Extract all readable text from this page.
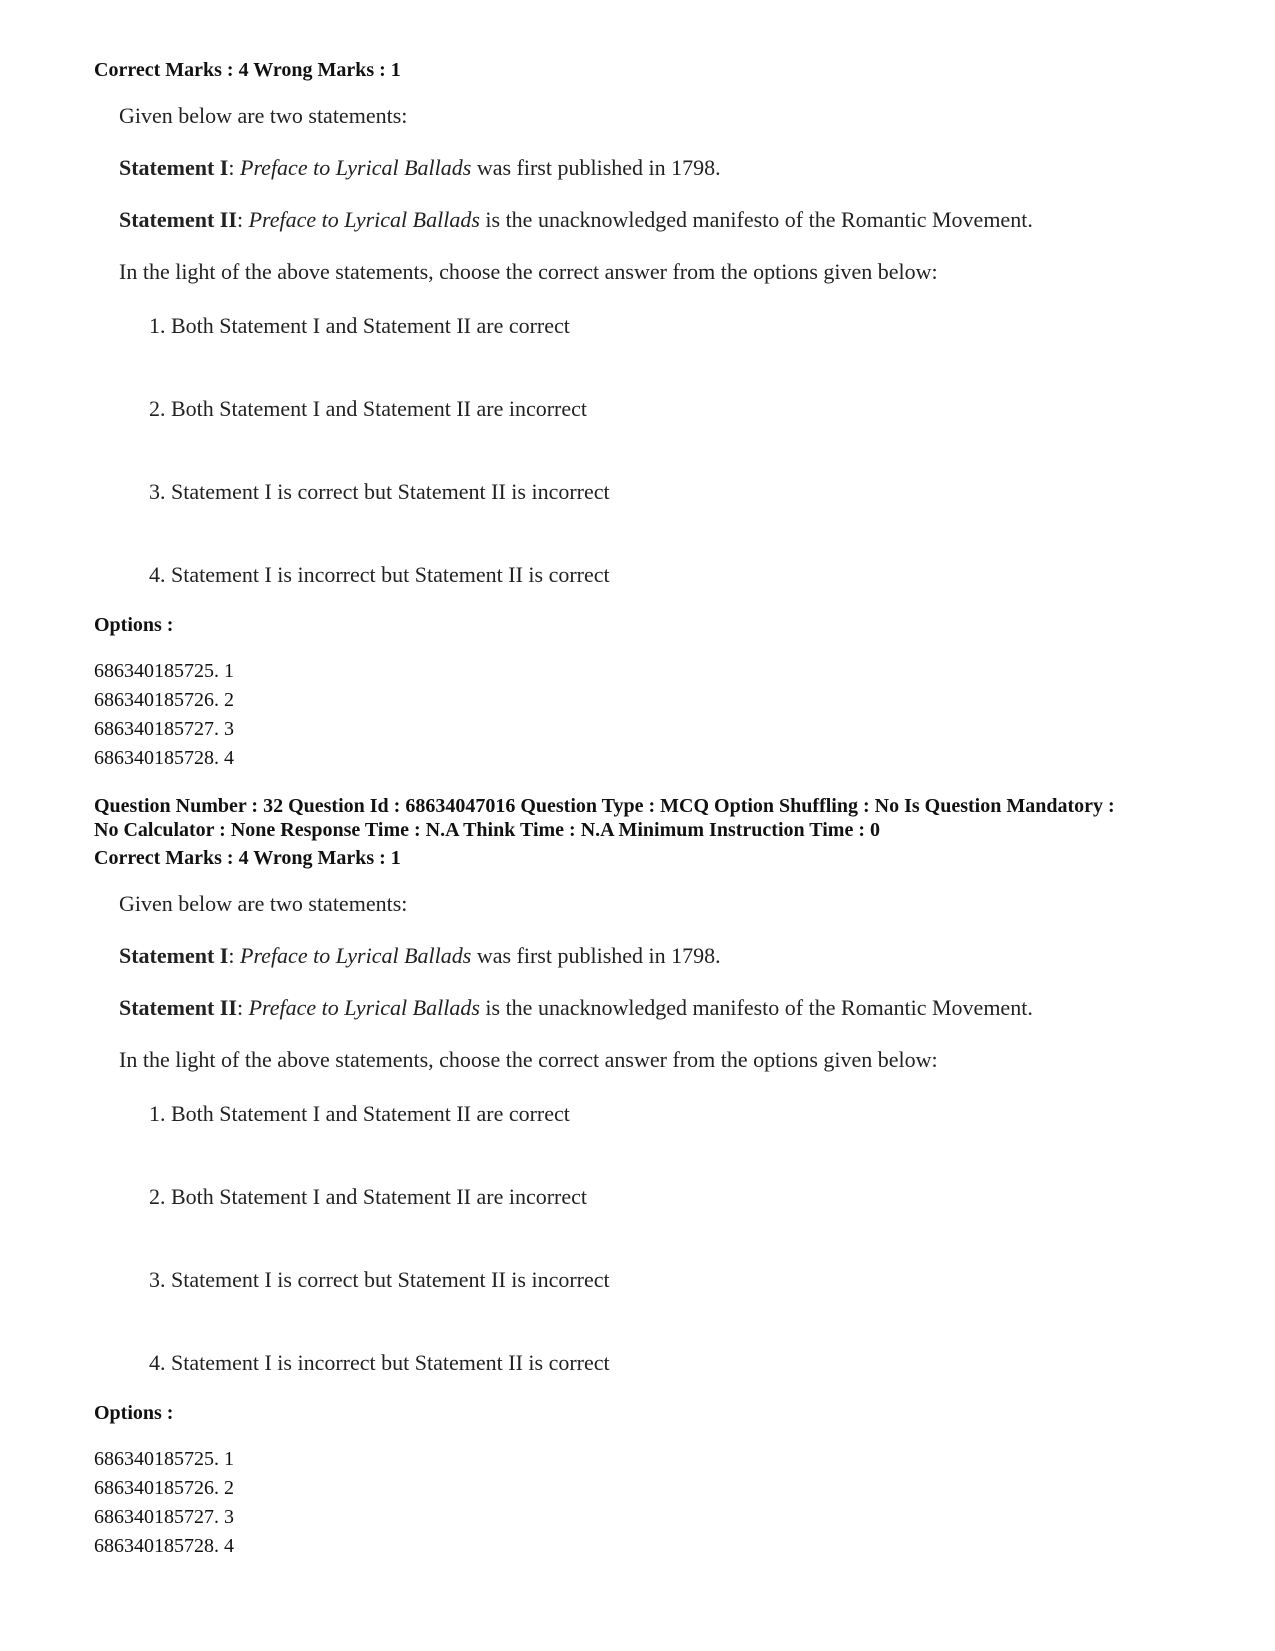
Correct Marks : 4 Wrong Marks : 1

Given below are two statements:

Statement I: Preface to Lyrical Ballads was first published in 1798.

Statement II: Preface to Lyrical Ballads is the unacknowledged manifesto of the Romantic Movement.

In the light of the above statements, choose the correct answer from the options given below:

1. Both Statement I and Statement II are correct
2. Both Statement I and Statement II are incorrect
3. Statement I is correct but Statement II is incorrect
4. Statement I is incorrect but Statement II is correct

Options :

686340185725. 1

686340185726. 2

686340185727. 3

686340185728. 4

Question Number : 32 Question Id : 68634047016 Question Type : MCQ Option Shuffling : No Is Question Mandatory :

No Calculator : None Response Time : N.A Think Time : N.A Minimum Instruction Time : 0

Correct Marks : 4 Wrong Marks : 1

Given below are two statements:

Statement I: Preface to Lyrical Ballads was first published in 1798.

Statement II: Preface to Lyrical Ballads is the unacknowledged manifesto of the Romantic Movement.

In the light of the above statements, choose the correct answer from the options given below:

1. Both Statement I and Statement II are correct
2. Both Statement I and Statement II are incorrect
3. Statement I is correct but Statement II is incorrect
4. Statement I is incorrect but Statement II is correct

Options :

686340185725. 1

686340185726. 2

686340185727. 3

686340185728. 4
